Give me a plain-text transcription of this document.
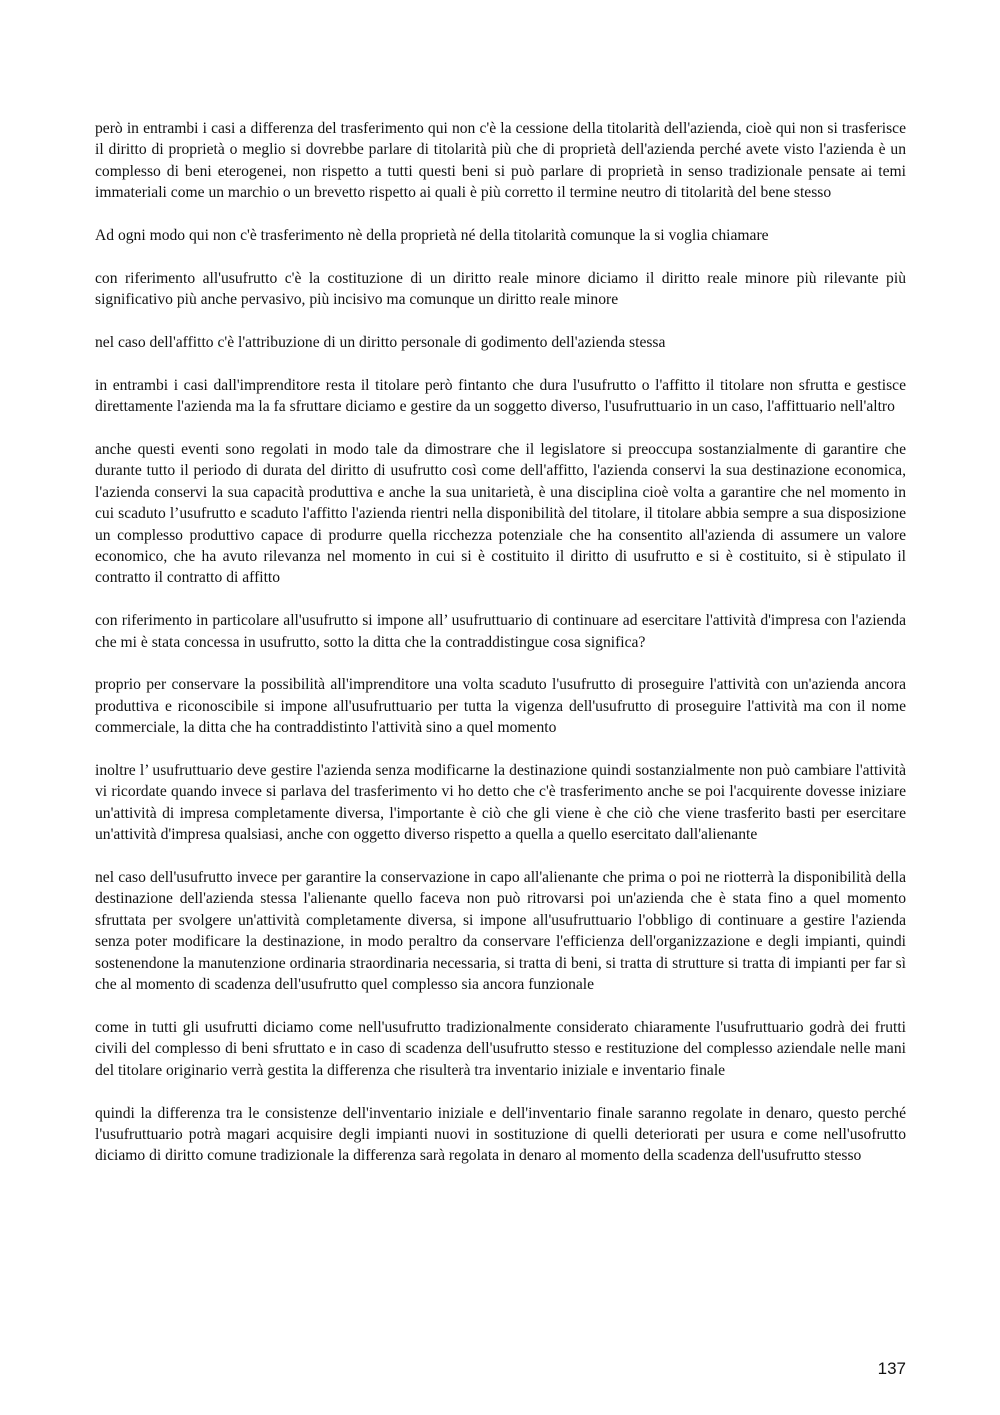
però in entrambi i casi a differenza del trasferimento qui non c'è la cessione della titolarità dell'azienda, cioè qui non si trasferisce il diritto di proprietà o meglio si dovrebbe parlare di titolarità più che di proprietà dell'azienda perché avete visto l'azienda è un complesso di beni eterogenei, non rispetto a tutti questi beni si può parlare di proprietà in senso tradizionale pensate ai temi immateriali come un marchio o un brevetto rispetto ai quali è più corretto il termine neutro di titolarità del bene stesso

Ad ogni modo qui non c'è trasferimento nè della proprietà né della titolarità comunque la si voglia chiamare

con riferimento all'usufrutto c'è la costituzione di un diritto reale minore diciamo il diritto reale minore più rilevante più significativo più anche pervasivo, più incisivo ma comunque un diritto reale minore

nel caso dell'affitto c'è l'attribuzione di un diritto personale di godimento dell'azienda stessa

in entrambi i casi dall'imprenditore resta il titolare però fintanto che dura l'usufrutto o l'affitto il titolare non sfrutta e gestisce direttamente l'azienda ma la fa sfruttare diciamo e gestire da un soggetto diverso, l'usufruttuario in un caso, l'affittuario nell'altro

anche questi eventi sono regolati in modo tale da dimostrare che il legislatore si preoccupa sostanzialmente di garantire che durante tutto il periodo di durata del diritto di usufrutto così come dell'affitto, l'azienda conservi la sua destinazione economica, l'azienda conservi la sua capacità produttiva e anche la sua unitarietà, è una disciplina cioè volta a garantire che nel momento in cui scaduto l’usufrutto e scaduto l'affitto l'azienda rientri nella disponibilità del titolare, il titolare abbia sempre a sua disposizione un complesso produttivo capace di produrre quella ricchezza potenziale che ha consentito all'azienda di assumere un valore economico, che ha avuto rilevanza nel momento in cui si è costituito il diritto di usufrutto e si è costituito, si è stipulato il contratto il contratto di affitto

con riferimento in particolare all'usufrutto si impone all’ usufruttuario di continuare ad esercitare l'attività d'impresa con l'azienda che mi è stata concessa in usufrutto, sotto la ditta che la contraddistingue cosa significa?

proprio per conservare la possibilità all'imprenditore una volta scaduto l'usufrutto di proseguire l'attività con un'azienda ancora produttiva e riconoscibile si impone all'usufruttuario per tutta la vigenza dell'usufrutto di proseguire l'attività ma con il nome commerciale, la ditta che ha contraddistinto l'attività sino a quel momento

inoltre l’ usufruttuario deve gestire l'azienda senza modificarne la destinazione quindi sostanzialmente non può cambiare l'attività vi ricordate quando invece si parlava del trasferimento vi ho detto che c'è trasferimento anche se poi l'acquirente dovesse iniziare un'attività di impresa completamente diversa, l'importante è ciò che gli viene è che ciò che viene trasferito basti per esercitare un'attività d'impresa qualsiasi, anche con oggetto diverso rispetto a quella a quello esercitato dall'alienante

nel caso dell'usufrutto invece per garantire la conservazione in capo all'alienante che prima o poi ne riotterrà la disponibilità della destinazione dell'azienda stessa l'alienante quello faceva non può ritrovarsi poi un'azienda che è stata fino a quel momento sfruttata per svolgere un'attività completamente diversa, si impone all'usufruttuario l'obbligo di continuare a gestire l'azienda senza poter modificare la destinazione, in modo peraltro da conservare l'efficienza dell'organizzazione e degli impianti, quindi sostenendone la manutenzione ordinaria straordinaria necessaria, si tratta di beni, si tratta di strutture si tratta di impianti per far sì che al momento di scadenza dell'usufrutto quel complesso sia ancora funzionale

come in tutti gli usufrutti diciamo come nell'usufrutto tradizionalmente considerato chiaramente l'usufruttuario godrà dei frutti civili del complesso di beni sfruttato e in caso di scadenza dell'usufrutto stesso e restituzione del complesso aziendale nelle mani del titolare originario verrà gestita la differenza che risulterà tra inventario iniziale e inventario finale

quindi la differenza tra le consistenze dell'inventario iniziale e dell'inventario finale saranno regolate in denaro, questo perché l'usufruttuario potrà magari acquisire degli impianti nuovi in sostituzione di quelli deteriorati per usura e come nell'usofrutto diciamo di diritto comune tradizionale la differenza sarà regolata in denaro al momento della scadenza dell'usufrutto stesso

137
